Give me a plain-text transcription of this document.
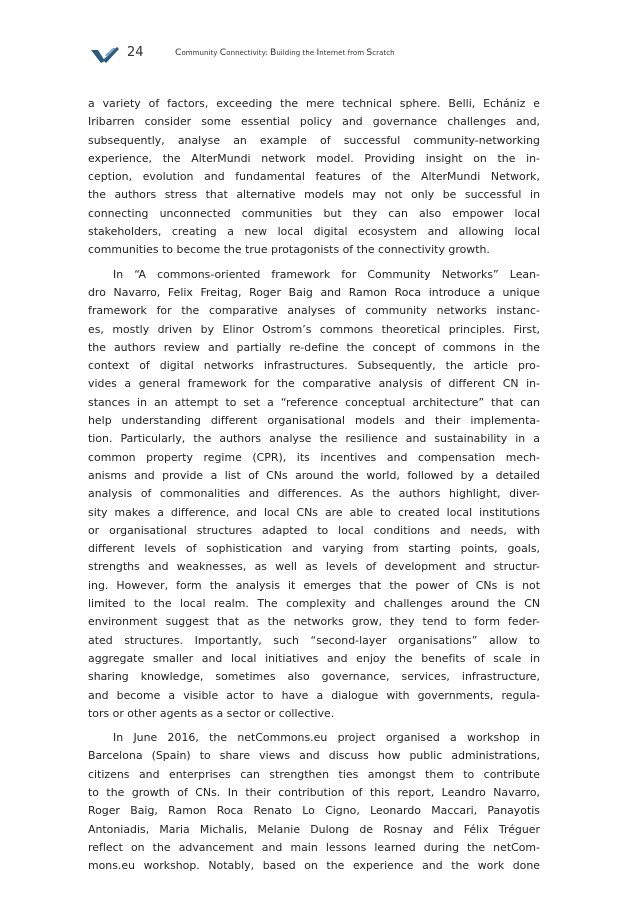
24	Community Connectivity: Building the Internet from Scratch
a variety of factors, exceeding the mere technical sphere. Belli, Echániz e
Iribarren consider some essential policy and governance challenges and,
subsequently, analyse an example of successful community-networking
experience, the AlterMundi network model. Providing insight on the in-
ception, evolution and fundamental features of the AlterMundi Network,
the authors stress that alternative models may not only be successful in
connecting unconnected communities but they can also empower local
stakeholders, creating a new local digital ecosystem and allowing local
communities to become the true protagonists of the connectivity growth.
In “A commons-oriented framework for Community Networks” Lean-
dro Navarro, Felix Freitag, Roger Baig and Ramon Roca introduce a unique
framework for the comparative analyses of community networks instanc-
es, mostly driven by Elinor Ostrom’s commons theoretical principles. First,
the authors review and partially re-define the concept of commons in the
context of digital networks infrastructures. Subsequently, the article pro-
vides a general framework for the comparative analysis of different CN in-
stances in an attempt to set a “reference conceptual architecture” that can
help understanding different organisational models and their implementa-
tion. Particularly, the authors analyse the resilience and sustainability in a
common property regime (CPR), its incentives and compensation mech-
anisms and provide a list of CNs around the world, followed by a detailed
analysis of commonalities and differences. As the authors highlight, diver-
sity makes a difference, and local CNs are able to created local institutions
or organisational structures adapted to local conditions and needs, with
different levels of sophistication and varying from starting points, goals,
strengths and weaknesses, as well as levels of development and structur-
ing. However, form the analysis it emerges that the power of CNs is not
limited to the local realm. The complexity and challenges around the CN
environment suggest that as the networks grow, they tend to form feder-
ated structures. Importantly, such “second-layer organisations” allow to
aggregate smaller and local initiatives and enjoy the benefits of scale in
sharing knowledge, sometimes also governance, services, infrastructure,
and become a visible actor to have a dialogue with governments, regula-
tors or other agents as a sector or collective.
In June 2016, the netCommons.eu project organised a workshop in
Barcelona (Spain) to share views and discuss how public administrations,
citizens and enterprises can strengthen ties amongst them to contribute
to the growth of CNs. In their contribution of this report, Leandro Navarro,
Roger Baig, Ramon Roca Renato Lo Cigno, Leonardo Maccari, Panayotis
Antoniadis, Maria Michalis, Melanie Dulong de Rosnay and Félix Tréguer
reflect on the advancement and main lessons learned during the netCom-
mons.eu workshop. Notably, based on the experience and the work done
